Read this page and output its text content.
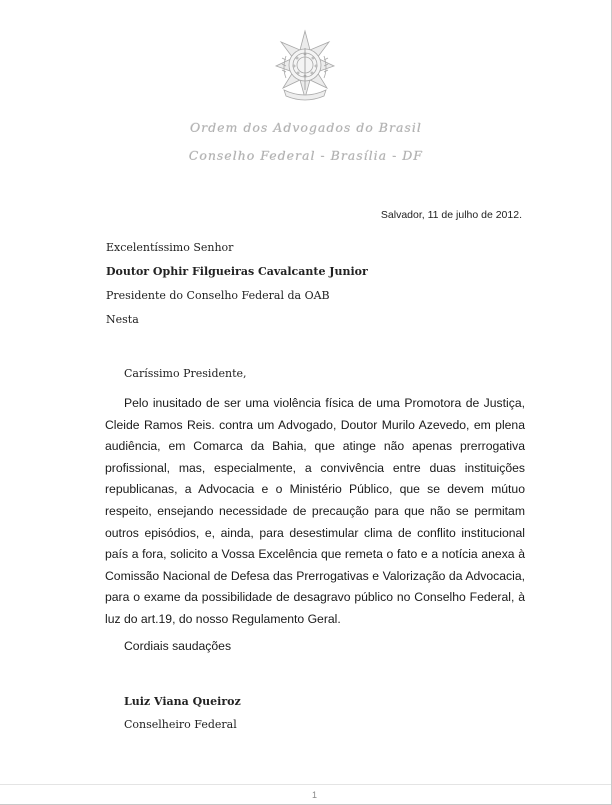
Ordem dos Advogados do Brasil
Conselho Federal - Brasília - DF
Salvador, 11 de julho de 2012.
Excelentíssimo Senhor
Doutor Ophir Filgueiras Cavalcante Junior
Presidente do Conselho Federal da OAB
Nesta
Caríssimo Presidente,
Pelo inusitado de ser uma violência física de uma Promotora de Justiça, Cleide Ramos Reis. contra um Advogado, Doutor Murilo Azevedo, em plena audiência, em Comarca da Bahia, que atinge não apenas prerrogativa profissional, mas, especialmente, a convivência entre duas instituições republicanas, a Advocacia e o Ministério Público, que se devem mútuo respeito, ensejando necessidade de precaução para que não se permitam outros episódios, e, ainda, para desestimular clima de conflito institucional país a fora, solicito a Vossa Excelência que remeta o fato e a notícia anexa à Comissão Nacional de Defesa das Prerrogativas e Valorização da Advocacia, para o exame da possibilidade de desagravo público no Conselho Federal, à luz do art.19, do nosso Regulamento Geral.
Cordiais saudações
Luiz Viana Queiroz
Conselheiro Federal
1
